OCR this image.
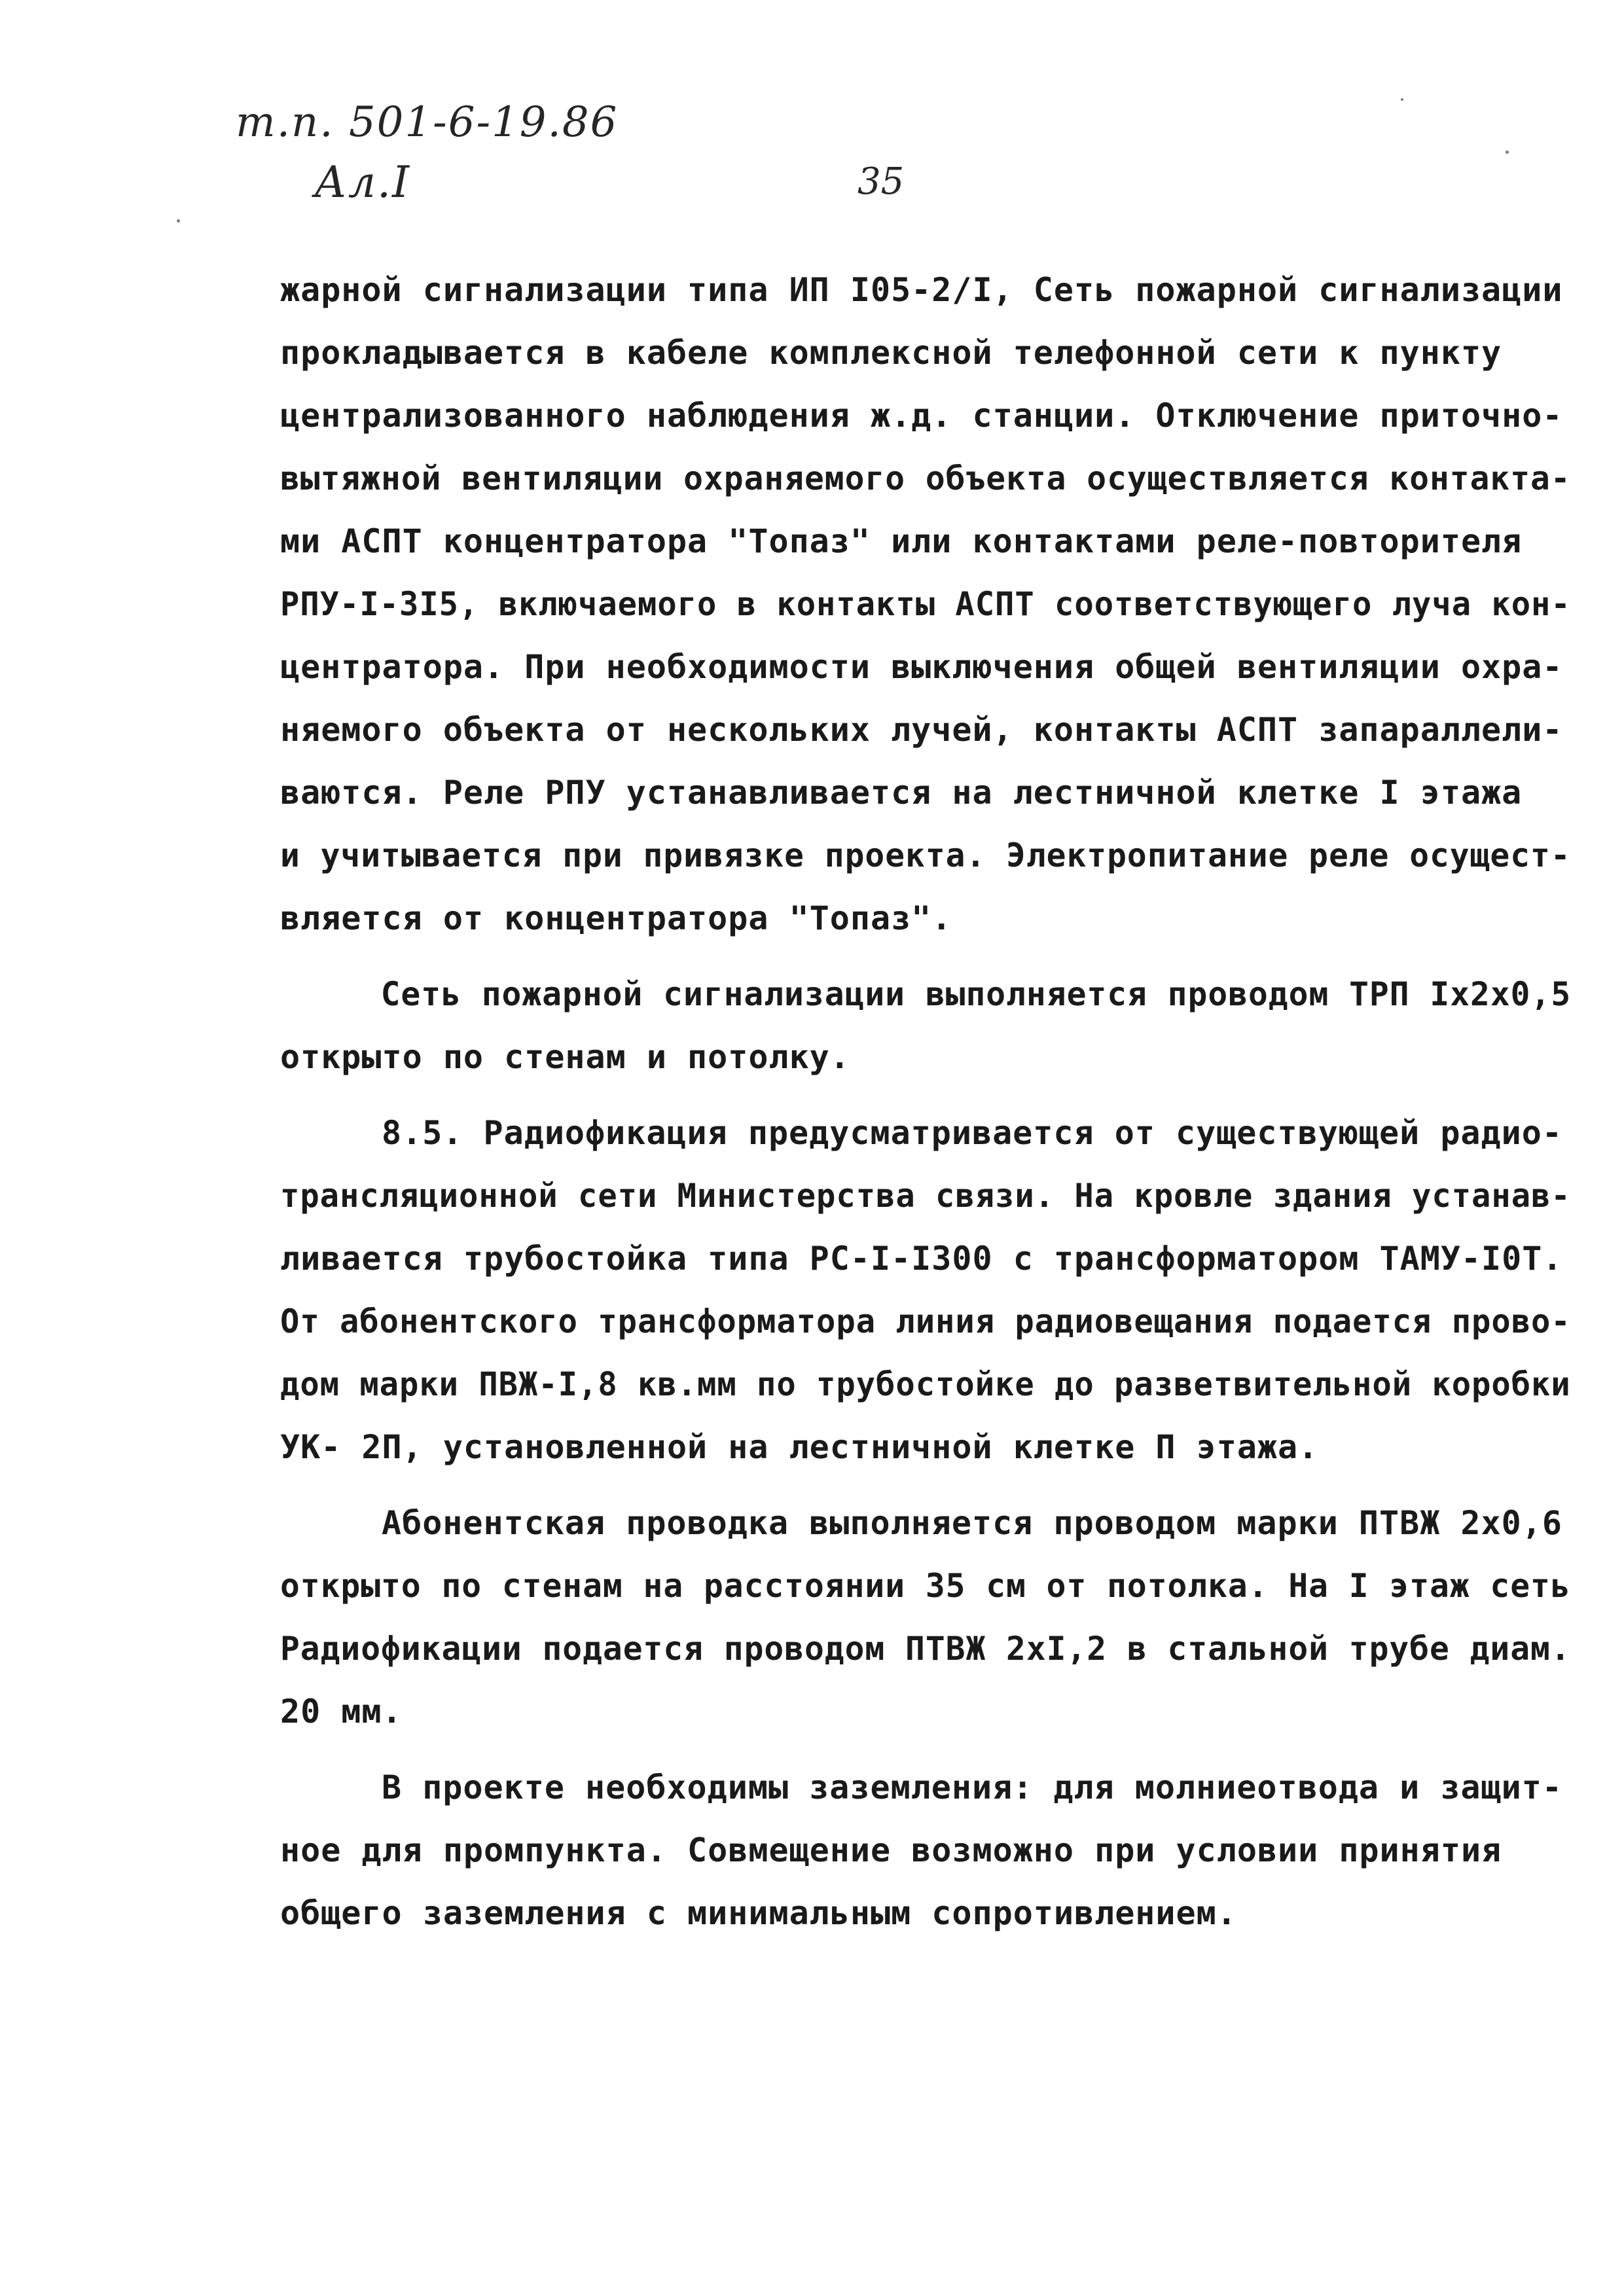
т.п. 501-6-19.86
Ал.I	35
жарной сигнализации типа ИП I05-2/I, Сеть пожарной сигнализации
прокладывается в кабеле комплексной телефонной сети к пункту
централизованного наблюдения ж.д. станции. Отключение приточно-
вытяжной вентиляции охраняемого объекта осуществляется контакта-
ми АСПТ концентратора "Топаз" или контактами реле-повторителя
РПУ-I-3I5, включаемого в контакты АСПТ соответствующего луча кон-
центратора. При необходимости выключения общей вентиляции охра-
няемого объекта от нескольких лучей, контакты АСПТ запараллели-
ваются. Реле РПУ устанавливается на лестничной клетке I этажа
и учитывается при привязке проекта. Электропитание реле осущест-
вляется от концентратора "Топаз".
Сеть пожарной сигнализации выполняется проводом ТРП Iх2х0,5
открыто по стенам и потолку.
8.5. Радиофикация предусматривается от существующей радио-
трансляционной сети Министерства связи. На кровле здания устанав-
ливается трубостойка типа РС-I-I300 с трансформатором ТАМУ-I0Т.
От абонентского трансформатора линия радиовещания подается прово-
дом марки ПВЖ-I,8 кв.мм по трубостойке до разветвительной коробки
УК- 2П, установленной на лестничной клетке П этажа.
Абонентская проводка выполняется проводом марки ПТВЖ 2х0,6
открыто по стенам на расстоянии 35 см от потолка. На I этаж сеть
Радиофикации подается проводом ПТВЖ 2хI,2 в стальной трубе диам.
20 мм.
В проекте необходимы заземления: для молниеотвода и защит-
ное для промпункта. Совмещение возможно при условии принятия
общего заземления с минимальным сопротивлением.
